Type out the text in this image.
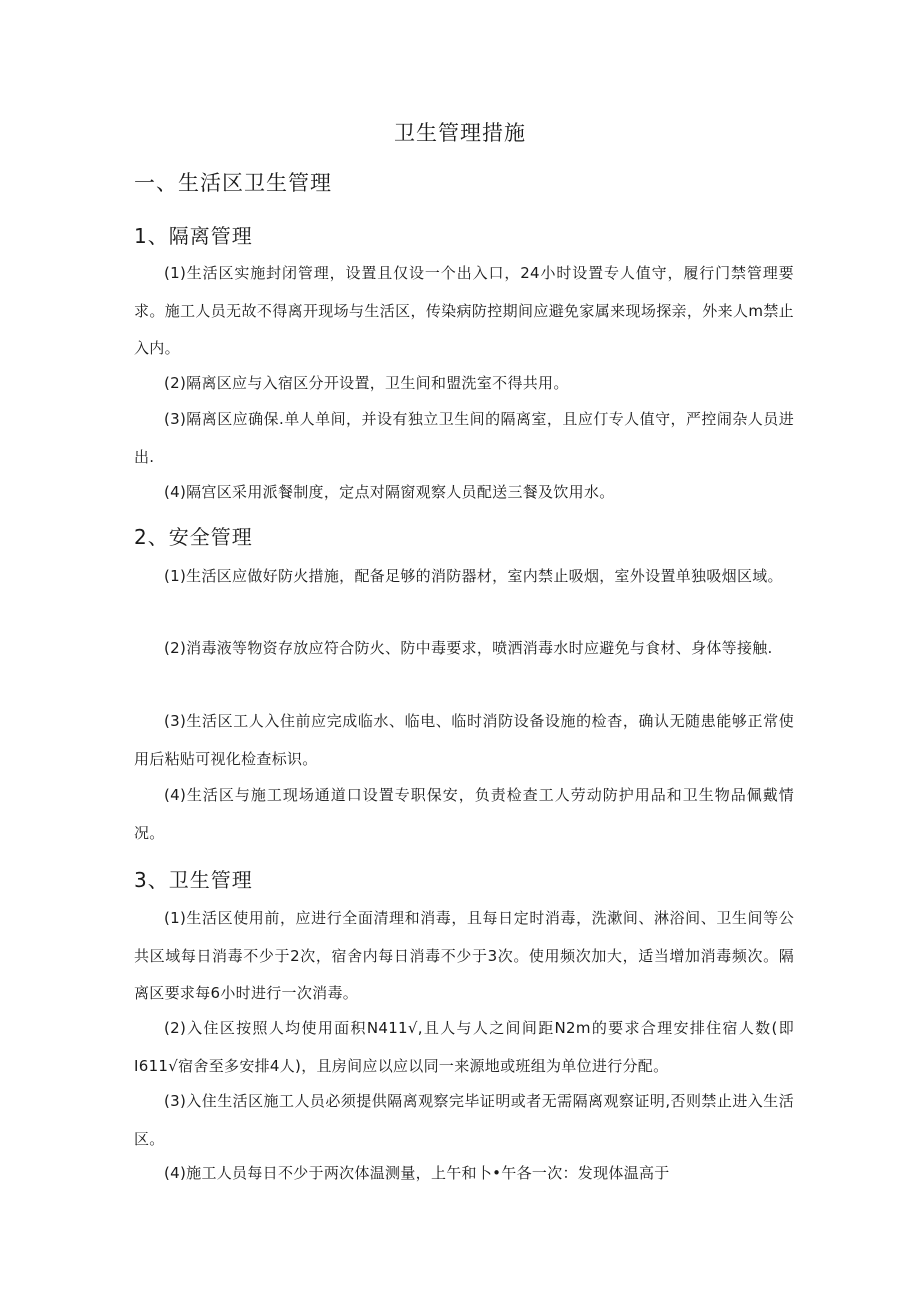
卫生管理措施
一、生活区卫生管理
1、隔离管理
(1)生活区实施封闭管理，设置且仅设一个出入口，24小时设置专人值守，履行门禁管理要求。施工人员无故不得离开现场与生活区，传染病防控期间应避免家属来现场探亲，外来人m禁止入内。
(2)隔离区应与入宿区分开设置，卫生间和盟洗室不得共用。
(3)隔离区应确保.单人单间，并设有独立卫生间的隔离室，且应仃专人值守，严控闹杂人员进出.
(4)隔宫区采用派餐制度，定点对隔窗观察人员配送三餐及饮用水。
2、安全管理
(1)生活区应做好防火措施，配备足够的消防器材，室内禁止吸烟，室外设置单独吸烟区域。
(2)消毒液等物资存放应符合防火、防中毒要求，喷洒消毒水时应避免与食材、身体等接触.
(3)生活区工人入住前应完成临水、临电、临时消防设备设施的检杳，确认无随患能够正常使用后粘贴可视化检查标识。
(4)生活区与施工现场通道口设置专职保安，负责检查工人劳动防护用品和卫生物品佩戴情况。
3、卫生管理
(1)生活区使用前，应进行全面清理和消毒，且每日定时消毒，洗漱间、淋浴间、卫生间等公共区域每日消毒不少于2次，宿舍内每日消毒不少于3次。使用频次加大，适当增加消毒频次。隔离区要求每6小时进行一次消毒。
(2)入住区按照人均使用面积N411√,且人与人之间间距N2m的要求合理安排住宿人数(即I611√宿舍至多安排4人)，且房间应以应以同一来源地或班组为单位进行分配。
(3)入住生活区施工人员必须提供隔离观察完毕证明或者无需隔离观察证明,否则禁止进入生活区。
(4)施工人员每日不少于两次体温测量，上午和卜•午各一次：发现体温高于
